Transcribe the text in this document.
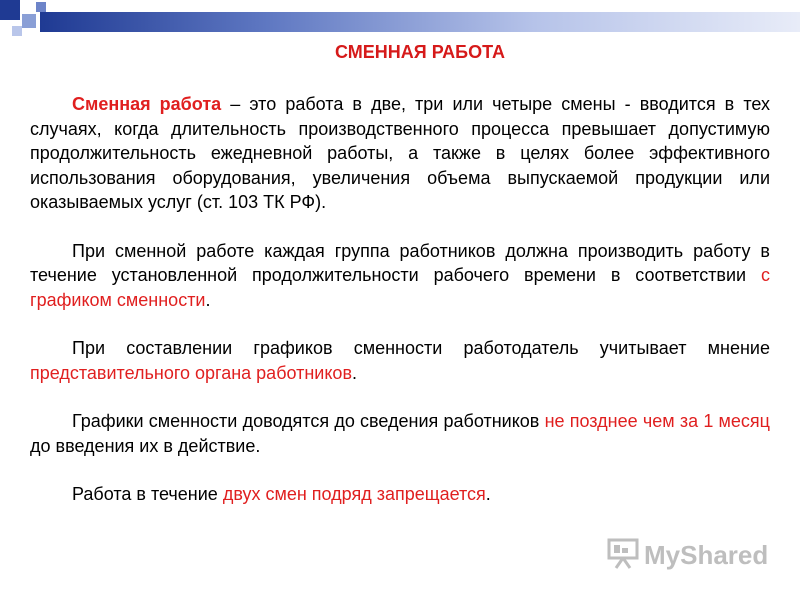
СМЕННАЯ РАБОТА

Сменная работа – это работа в две, три или четыре смены - вводится в тех случаях, когда длительность производственного процесса превышает допустимую продолжительность ежедневной работы, а также в целях более эффективного использования оборудования, увеличения объема выпускаемой продукции или оказываемых услуг (ст. 103 ТК РФ).

При сменной работе каждая группа работников должна производить работу в течение установленной продолжительности рабочего времени в соответствии с графиком сменности.

При составлении графиков сменности работодатель учитывает мнение представительного органа работников.

Графики сменности доводятся до сведения работников не позднее чем за 1 месяц до введения их в действие.

Работа в течение двух смен подряд запрещается.

MyShared
